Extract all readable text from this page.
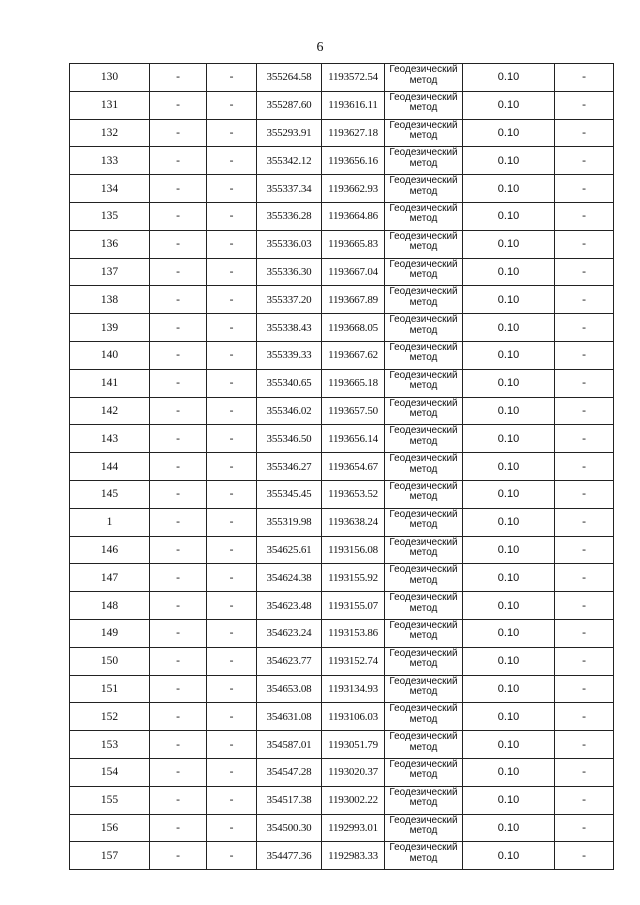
6
130	-	-	355264.58	1193572.54	Геодезический
метод	0.10	-
131	-	-	355287.60	1193616.11	Геодезический
метод	0.10	-
132	-	-	355293.91	1193627.18	Геодезический
метод	0.10	-
133	-	-	355342.12	1193656.16	Геодезический
метод	0.10	-
134	-	-	355337.34	1193662.93	Геодезический
метод	0.10	-
135	-	-	355336.28	1193664.86	Геодезический
метод	0.10	-
136	-	-	355336.03	1193665.83	Геодезический
метод	0.10	-
137	-	-	355336.30	1193667.04	Геодезический
метод	0.10	-
138	-	-	355337.20	1193667.89	Геодезический
метод	0.10	-
139	-	-	355338.43	1193668.05	Геодезический
метод	0.10	-
140	-	-	355339.33	1193667.62	Геодезический
метод	0.10	-
141	-	-	355340.65	1193665.18	Геодезический
метод	0.10	-
142	-	-	355346.02	1193657.50	Геодезический
метод	0.10	-
143	-	-	355346.50	1193656.14	Геодезический
метод	0.10	-
144	-	-	355346.27	1193654.67	Геодезический
метод	0.10	-
145	-	-	355345.45	1193653.52	Геодезический
метод	0.10	-
1	-	-	355319.98	1193638.24	Геодезический
метод	0.10	-
146	-	-	354625.61	1193156.08	Геодезический
метод	0.10	-
147	-	-	354624.38	1193155.92	Геодезический
метод	0.10	-
148	-	-	354623.48	1193155.07	Геодезический
метод	0.10	-
149	-	-	354623.24	1193153.86	Геодезический
метод	0.10	-
150	-	-	354623.77	1193152.74	Геодезический
метод	0.10	-
151	-	-	354653.08	1193134.93	Геодезический
метод	0.10	-
152	-	-	354631.08	1193106.03	Геодезический
метод	0.10	-
153	-	-	354587.01	1193051.79	Геодезический
метод	0.10	-
154	-	-	354547.28	1193020.37	Геодезический
метод	0.10	-
155	-	-	354517.38	1193002.22	Геодезический
метод	0.10	-
156	-	-	354500.30	1192993.01	Геодезический
метод	0.10	-
157	-	-	354477.36	1192983.33	Геодезический
метод	0.10	-
